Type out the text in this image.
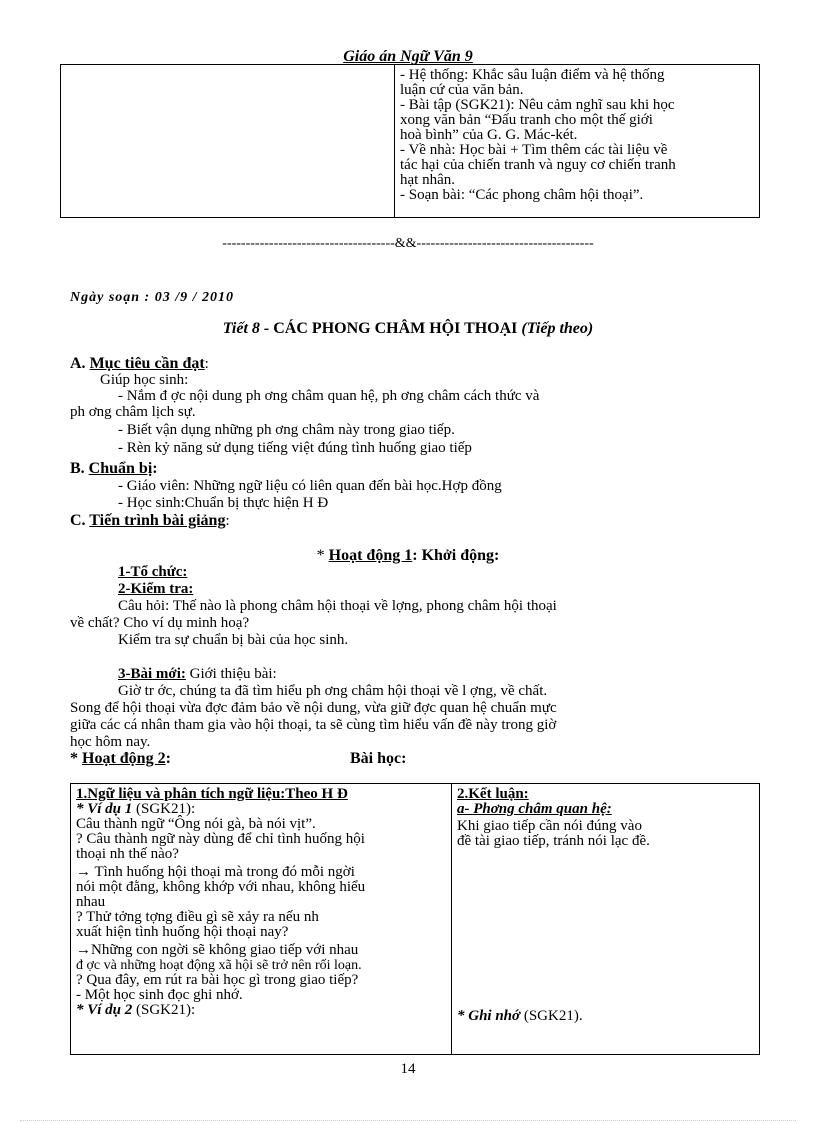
Giáo án Ngữ Văn 9
- Hệ thống: Khắc sâu luận điểm và hệ thống
luận cứ của văn bản.
- Bài tập (SGK21): Nêu cảm nghĩ sau khi học
xong văn bản “Đấu tranh cho một thế giới
hoà bình” của G. G. Mác-két.
- Về nhà: Học bài + Tìm thêm các tài liệu về
tác hại của chiến tranh và nguy cơ chiến tranh
hạt nhân.
- Soạn bài: “Các phong châm hội thoại”.
-------------------------------------&&--------------------------------------
Ngày soạn : 03 /9 / 2010
Tiết 8 - CÁC PHONG CHÂM HỘI THOẠI (Tiếp theo)
A. Mục tiêu cần đạt:
Giúp học sinh:
- Nắm đ ợc nội dung ph ơng châm quan hệ, ph ơng châm cách thức và
ph ơng châm lịch sự.
- Biết vận dụng những ph ơng châm này trong giao tiếp.
- Rèn kỷ năng sử dụng tiếng việt đúng tình huống giao tiếp
B. Chuẩn bị:
- Giáo viên: Những ngữ liệu có liên quan đến bài học.Hợp đồng
- Học sinh:Chuẩn bị thực hiện H Đ
C. Tiến trình bài giảng:
* Hoạt động 1: Khởi động:
1-Tổ chức:
2-Kiểm tra:
Câu hỏi: Thế nào là phong châm hội thoại về lợng, phong châm hội thoại
về chất? Cho ví dụ minh hoạ?
Kiểm tra sự chuẩn bị bài của học sinh.
3-Bài mới: Giới thiệu bài:
Giờ tr ớc, chúng ta đã tìm hiểu ph ơng châm hội thoại về l ợng, về chất.
Song để hội thoại vừa đợc đảm bảo về nội dung, vừa giữ đợc quan hệ chuẩn mực
giữa các cá nhân tham gia vào hội thoại, ta sẽ cùng tìm hiểu vấn đề này trong giờ
học hôm nay.
* Hoạt động 2:	Bài học:
1.Ngữ liệu và phân tích ngữ liệu:Theo H Đ
* Ví dụ 1 (SGK21):
Câu thành ngữ “Ông nói gà, bà nói vịt”.
? Câu thành ngữ này dùng để chỉ tình huống hội
thoại nh thế nào?
→ Tình huống hội thoại mà trong đó mỗi ngời
nói một đằng, không khớp với nhau, không hiểu
nhau
? Thử tởng tợng điều gì sẽ xảy ra nếu nh
xuất hiện tình huống hội thoại nay?
→Những con ngời sẽ không giao tiếp với nhau
đ ợc và những hoạt động xã hội sẽ trở nên rối loạn.
? Qua đây, em rút ra bài học gì trong giao tiếp?
- Một học sinh đọc ghi nhớ.
* Ví dụ 2 (SGK21):
2.Kết luận:
a- Phơng châm quan hệ:
Khi giao tiếp cần nói đúng vào
đề tài giao tiếp, tránh nói lạc đề.
* Ghi nhớ (SGK21).
14
